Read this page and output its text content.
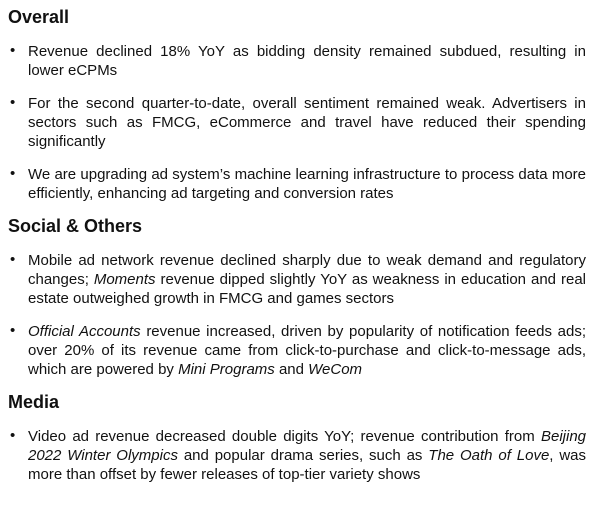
Overall
• Revenue declined 18% YoY as bidding density remained subdued, resulting in lower eCPMs
• For the second quarter-to-date, overall sentiment remained weak. Advertisers in sectors such as FMCG, eCommerce and travel have reduced their spending significantly
• We are upgrading ad system’s machine learning infrastructure to process data more efficiently, enhancing ad targeting and conversion rates
Social & Others
• Mobile ad network revenue declined sharply due to weak demand and regulatory changes; Moments revenue dipped slightly YoY as weakness in education and real estate outweighed growth in FMCG and games sectors
• Official Accounts revenue increased, driven by popularity of notification feeds ads; over 20% of its revenue came from click-to-purchase and click-to-message ads, which are powered by Mini Programs and WeCom
Media
• Video ad revenue decreased double digits YoY; revenue contribution from Beijing 2022 Winter Olympics and popular drama series, such as The Oath of Love, was more than offset by fewer releases of top-tier variety shows
